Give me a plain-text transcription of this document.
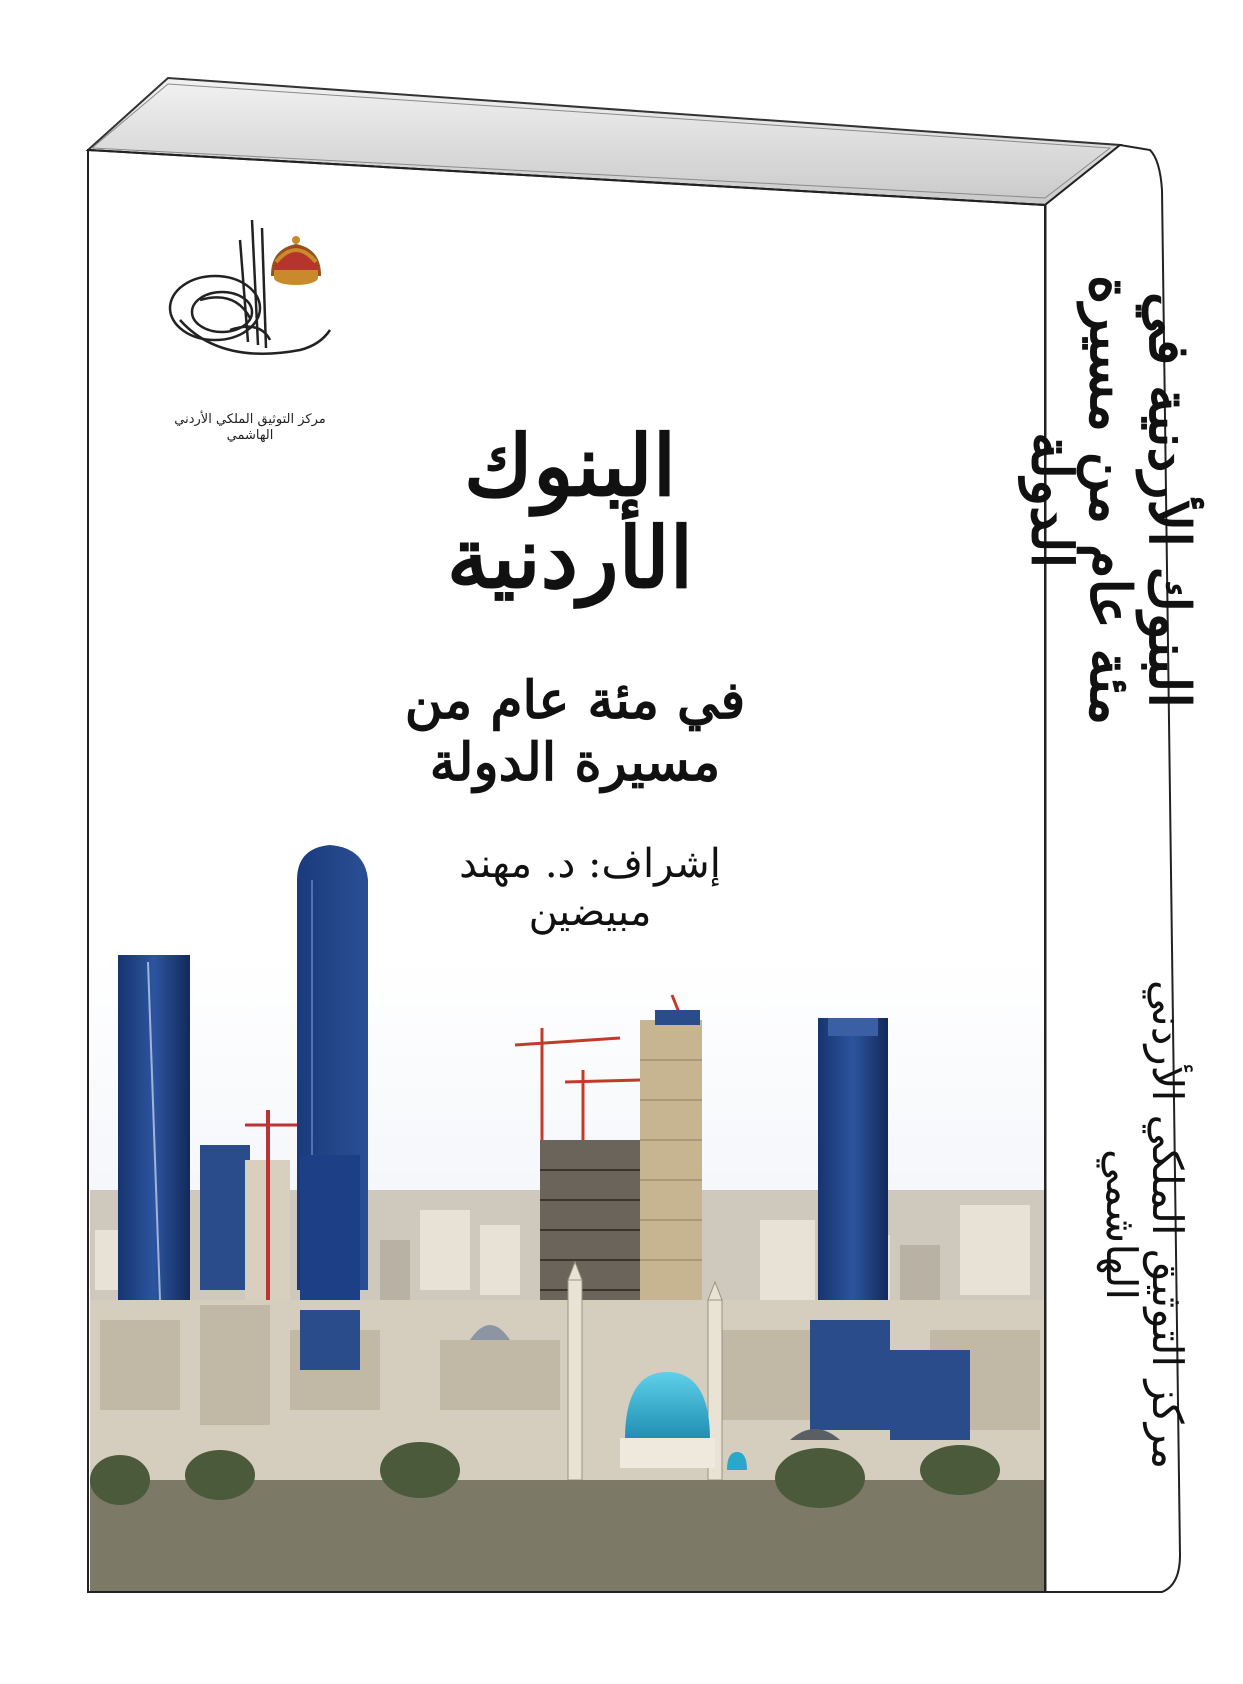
مركز التوثيق الملكي الأردني الهاشمي	البنوك الأردنية
في مئة عام من مسيرة الدولة
إشراف: د. مهند مبيضين
البنوك الأردنية في مئة عام من مسيرة الدولة
مركز التوثيق الملكي الأردني الهاشمي
